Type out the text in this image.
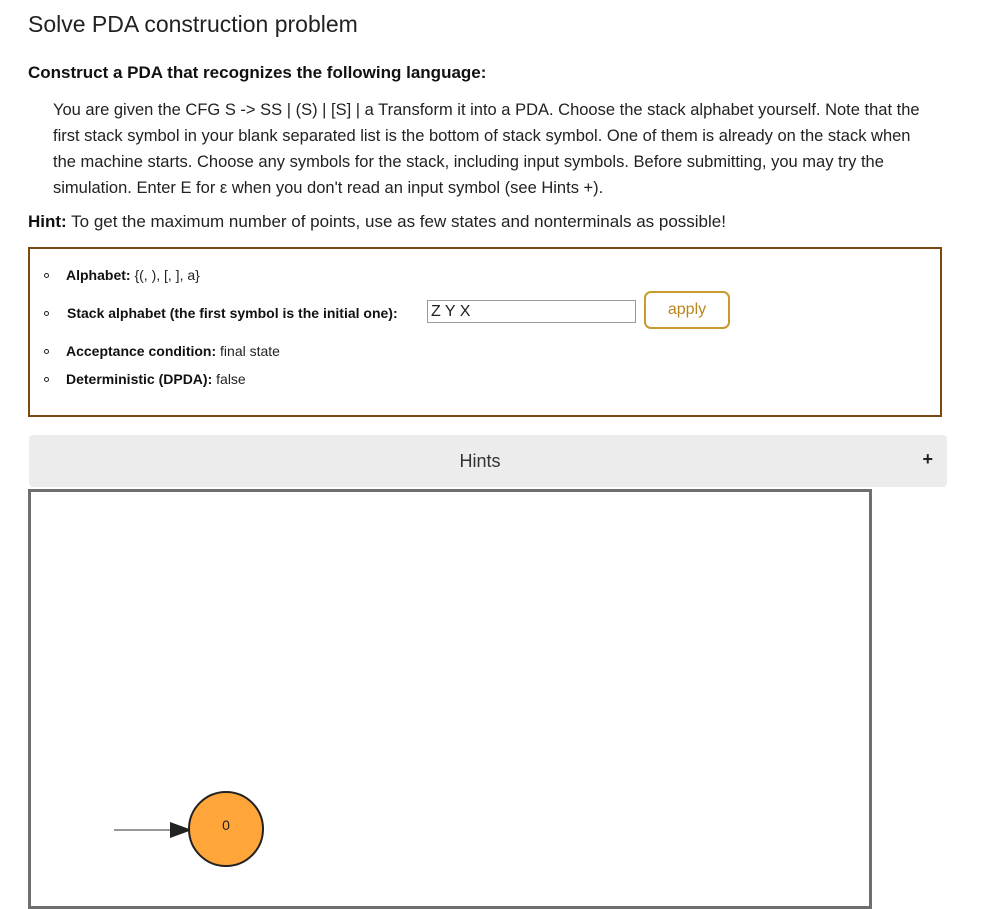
Solve PDA construction problem
Construct a PDA that recognizes the following language:

You are given the CFG S -> SS | (S) | [S] | a Transform it into a PDA. Choose the stack alphabet yourself. Note that the first stack symbol in your blank separated list is the bottom of stack symbol. One of them is already on the stack when the machine starts. Choose any symbols for the stack, including input symbols. Before submitting, you may try the simulation. Enter E for ε when you don't read an input symbol (see Hints +).

Hint: To get the maximum number of points, use as few states and nonterminals as possible!

Alphabet: {(, ), [, ], a}
Stack alphabet (the first symbol is the initial one):
Z Y X	apply
Acceptance condition: final state
Deterministic (DPDA): false
Hints	+
0
